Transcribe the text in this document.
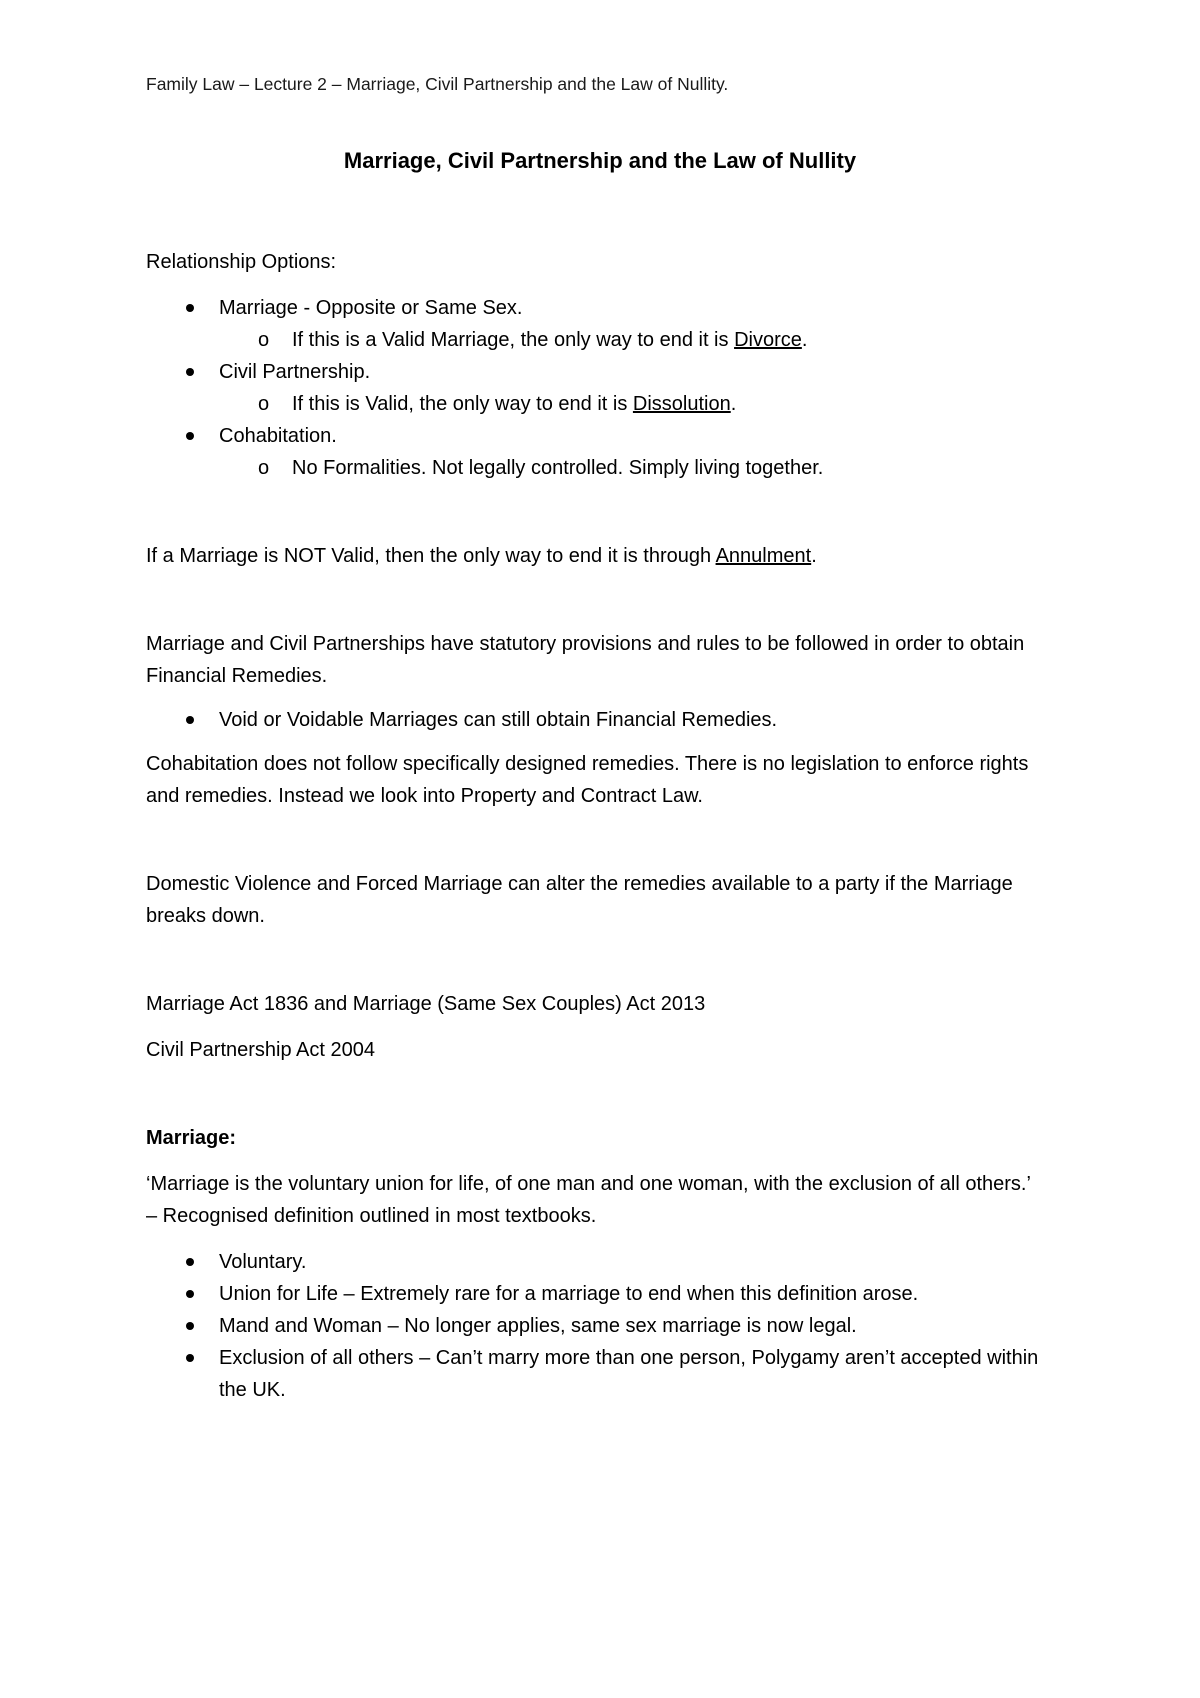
Family Law – Lecture 2 – Marriage, Civil Partnership and the Law of Nullity.
Marriage, Civil Partnership and the Law of Nullity

Relationship Options:

Marriage - Opposite or Same Sex.
o If this is a Valid Marriage, the only way to end it is Divorce.
Civil Partnership.
o If this is Valid, the only way to end it is Dissolution.
Cohabitation.
o No Formalities. Not legally controlled. Simply living together.

If a Marriage is NOT Valid, then the only way to end it is through Annulment.

Marriage and Civil Partnerships have statutory provisions and rules to be followed in order to obtain Financial Remedies.

Void or Voidable Marriages can still obtain Financial Remedies.

Cohabitation does not follow specifically designed remedies. There is no legislation to enforce rights and remedies. Instead we look into Property and Contract Law.

Domestic Violence and Forced Marriage can alter the remedies available to a party if the Marriage breaks down.

Marriage Act 1836 and Marriage (Same Sex Couples) Act 2013

Civil Partnership Act 2004

Marriage:

‘Marriage is the voluntary union for life, of one man and one woman, with the exclusion of all others.’ – Recognised definition outlined in most textbooks.

Voluntary.
Union for Life – Extremely rare for a marriage to end when this definition arose.
Mand and Woman – No longer applies, same sex marriage is now legal.
Exclusion of all others – Can’t marry more than one person, Polygamy aren’t accepted within the UK.
